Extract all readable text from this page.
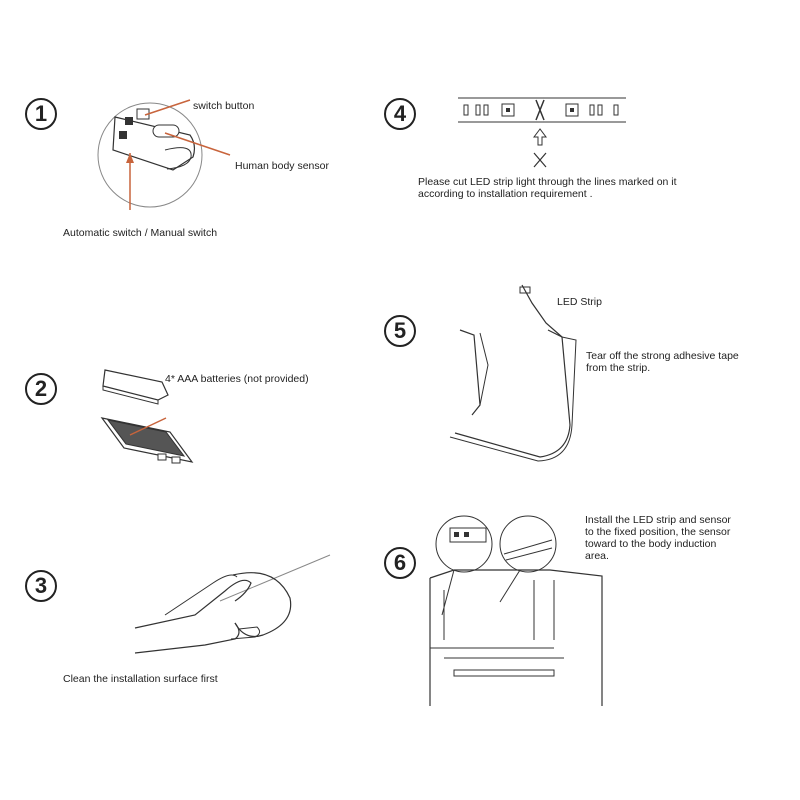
1	switch button
Human body sensor
Automatic switch / Manual switch
2	4* AAA batteries (not provided)
3
Clean the installation surface first
4
Please cut LED strip light through the lines marked on it according to installation requirement .
5
LED Strip
Tear off the strong adhesive tape from the strip.
6
Install the LED strip and sensor to the fixed position, the sensor toward to the body induction area.
